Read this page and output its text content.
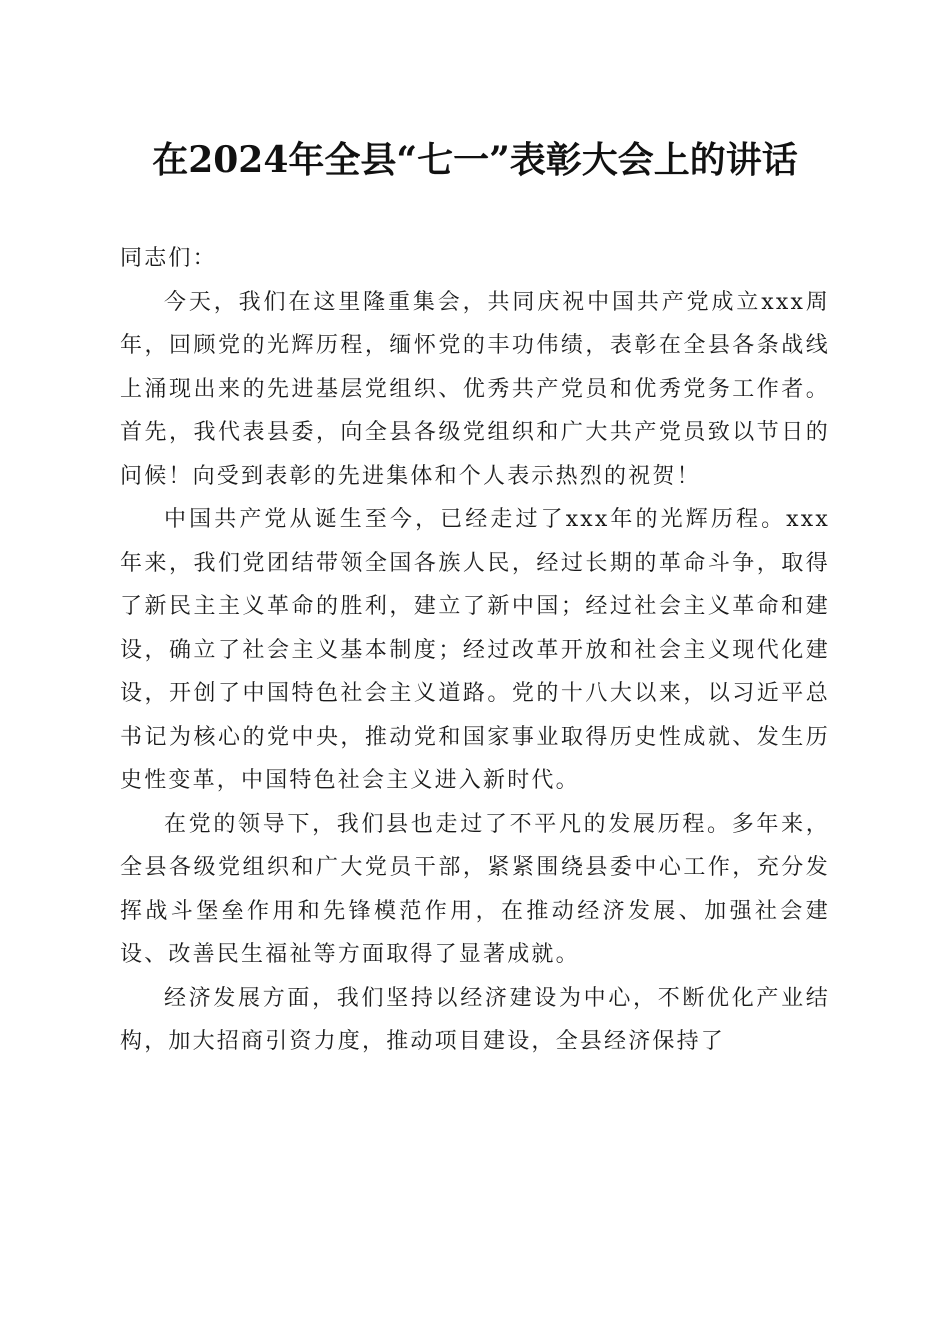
在2024年全县“七一”表彰大会上的讲话

同志们：

今天，我们在这里隆重集会，共同庆祝中国共产党成立xxx周年，回顾党的光辉历程，缅怀党的丰功伟绩，表彰在全县各条战线上涌现出来的先进基层党组织、优秀共产党员和优秀党务工作者。首先，我代表县委，向全县各级党组织和广大共产党员致以节日的问候！向受到表彰的先进集体和个人表示热烈的祝贺！

中国共产党从诞生至今，已经走过了xxx年的光辉历程。xxx年来，我们党团结带领全国各族人民，经过长期的革命斗争，取得了新民主主义革命的胜利，建立了新中国；经过社会主义革命和建设，确立了社会主义基本制度；经过改革开放和社会主义现代化建设，开创了中国特色社会主义道路。党的十八大以来，以习近平总书记为核心的党中央，推动党和国家事业取得历史性成就、发生历史性变革，中国特色社会主义进入新时代。

在党的领导下，我们县也走过了不平凡的发展历程。多年来，全县各级党组织和广大党员干部，紧紧围绕县委中心工作，充分发挥战斗堡垒作用和先锋模范作用，在推动经济发展、加强社会建设、改善民生福祉等方面取得了显著成就。

经济发展方面，我们坚持以经济建设为中心，不断优化产业结构，加大招商引资力度，推动项目建设，全县经济保持了
